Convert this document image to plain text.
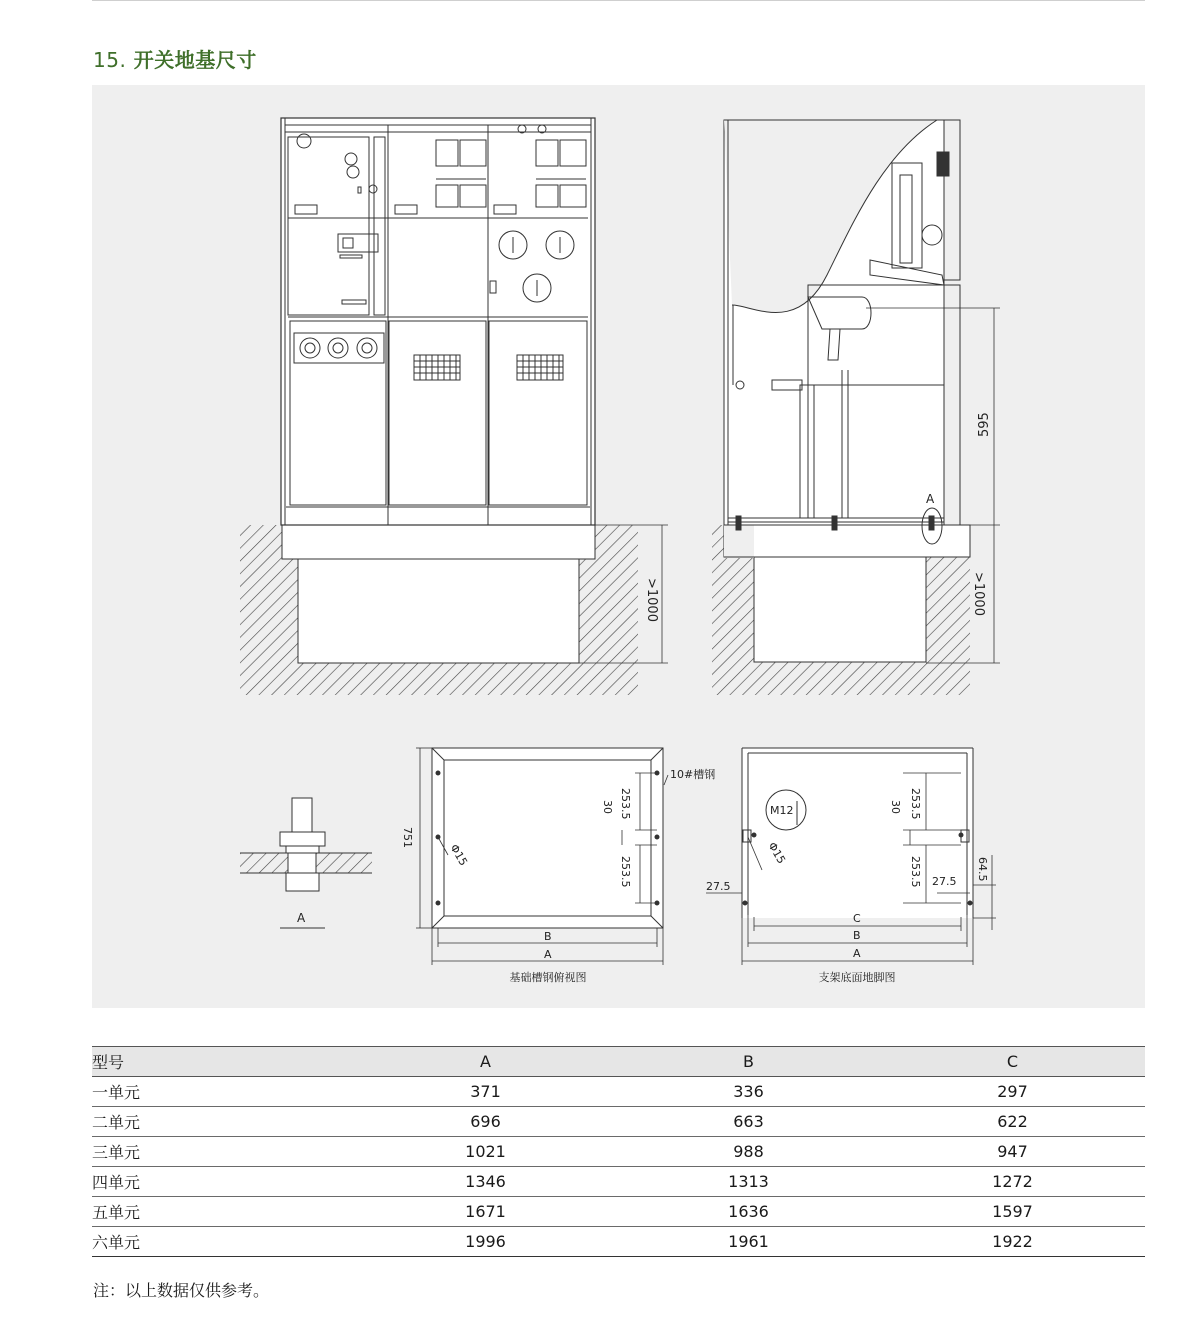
15. 开关地基尺寸
>1000
595
>1000
A
A
751
10#槽钢
Φ15
253.5
30
253.5
B
A
基础槽钢俯视图
M12
Φ15
253.5
30
253.5
27.5	27.5 64.5
C
B
A
支架底面地脚图
型号	A	B	C
一单元	371	336	297
二单元	696	663	622
三单元	1021	988	947
四单元	1346	1313	1272
五单元	1671	1636	1597
六单元	1996	1961	1922
注：以上数据仅供参考。
